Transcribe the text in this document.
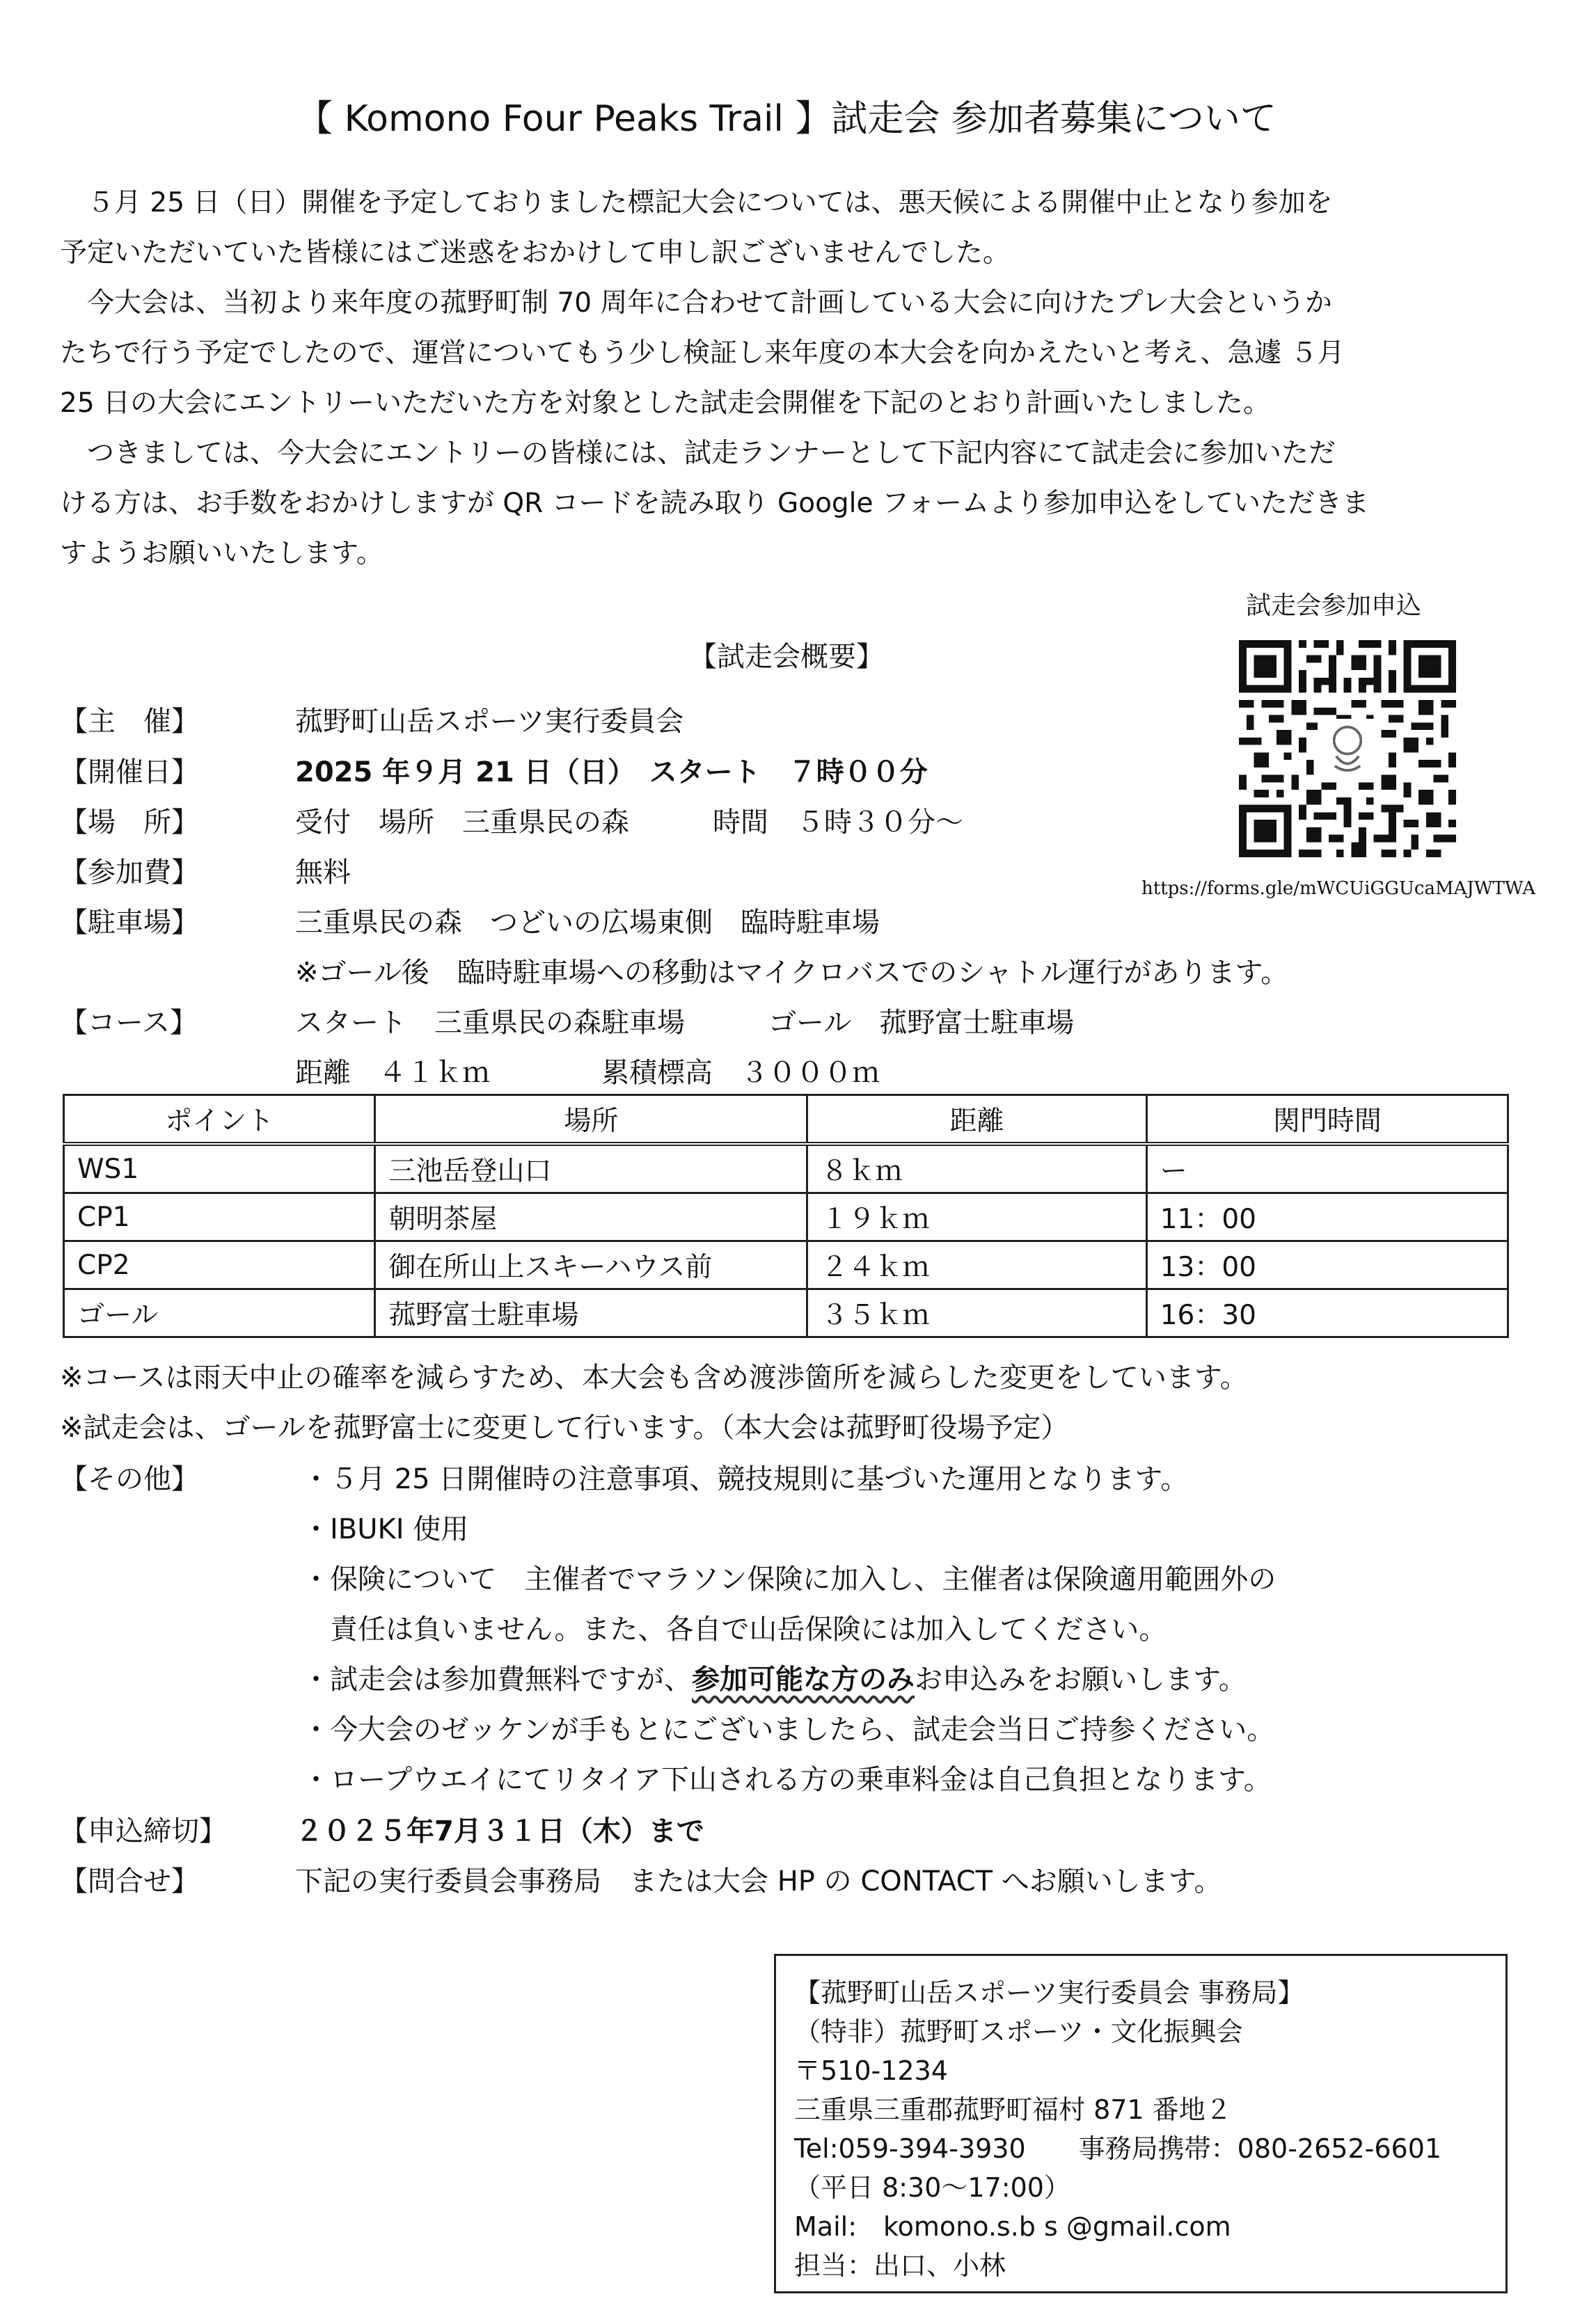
【 Komono Four Peaks Trail 】試走会 参加者募集について
　５月 25 日（日）開催を予定しておりました標記大会については、悪天候による開催中止となり参加を
予定いただいていた皆様にはご迷惑をおかけして申し訳ございませんでした。
　今大会は、当初より来年度の菰野町制 70 周年に合わせて計画している大会に向けたプレ大会というか
たちで行う予定でしたので、運営についてもう少し検証し来年度の本大会を向かえたいと考え、急遽 ５月
25 日の大会にエントリーいただいた方を対象とした試走会開催を下記のとおり計画いたしました。
　つきましては、今大会にエントリーの皆様には、試走ランナーとして下記内容にて試走会に参加いただ
ける方は、お手数をおかけしますが QR コードを読み取り Google フォームより参加申込をしていただきま
すようお願いいたします。
試走会参加申込
https://forms.gle/mWCUiGGUcaMAJWTWA
【試走会概要】
【主　催】	菰野町山岳スポーツ実行委員会
【開催日】	2025 年９月 21 日（日）　スタート　７時００分
【場　所】	受付　場所　三重県民の森　　　時間　５時３０分～
【参加費】	無料
【駐車場】	三重県民の森　つどいの広場東側　臨時駐車場
※ゴール後　臨時駐車場への移動はマイクロバスでのシャトル運行があります。
【コース】	スタート　三重県民の森駐車場　　　ゴール　菰野富士駐車場
距離　４１ｋｍ　　　　累積標高　３０００ｍ
ポイント	場所	距離	関門時間
WS1	三池岳登山口	８ｋｍ	ー
CP1	朝明茶屋	１９ｋｍ	11：00
CP2	御在所山上スキーハウス前	２４ｋｍ	13：00
ゴール	菰野富士駐車場	３５ｋｍ	16：30
※コースは雨天中止の確率を減らすため、本大会も含め渡渉箇所を減らした変更をしています。
※試走会は、ゴールを菰野富士に変更して行います。（本大会は菰野町役場予定）
【その他】	・５月 25 日開催時の注意事項、競技規則に基づいた運用となります。
・IBUKI 使用
・保険について　主催者でマラソン保険に加入し、主催者は保険適用範囲外の
　責任は負いません。また、各自で山岳保険には加入してください。
・試走会は参加費無料ですが、参加可能な方のみお申込みをお願いします。
・今大会のゼッケンが手もとにございましたら、試走会当日ご持参ください。
・ロープウエイにてリタイア下山される方の乗車料金は自己負担となります。
【申込締切】 ２０２５年7月３１日（木）まで
【問合せ】	下記の実行委員会事務局　または大会 HP の CONTACT へお願いします。
【菰野町山岳スポーツ実行委員会 事務局】
（特非）菰野町スポーツ・文化振興会
〒510-1234
三重県三重郡菰野町福村 871 番地２
Tel:059-394-3930　　事務局携帯：080-2652-6601
（平日 8:30～17:00）
Mail:　komono.s.b s @gmail.com
担当：出口、小林
